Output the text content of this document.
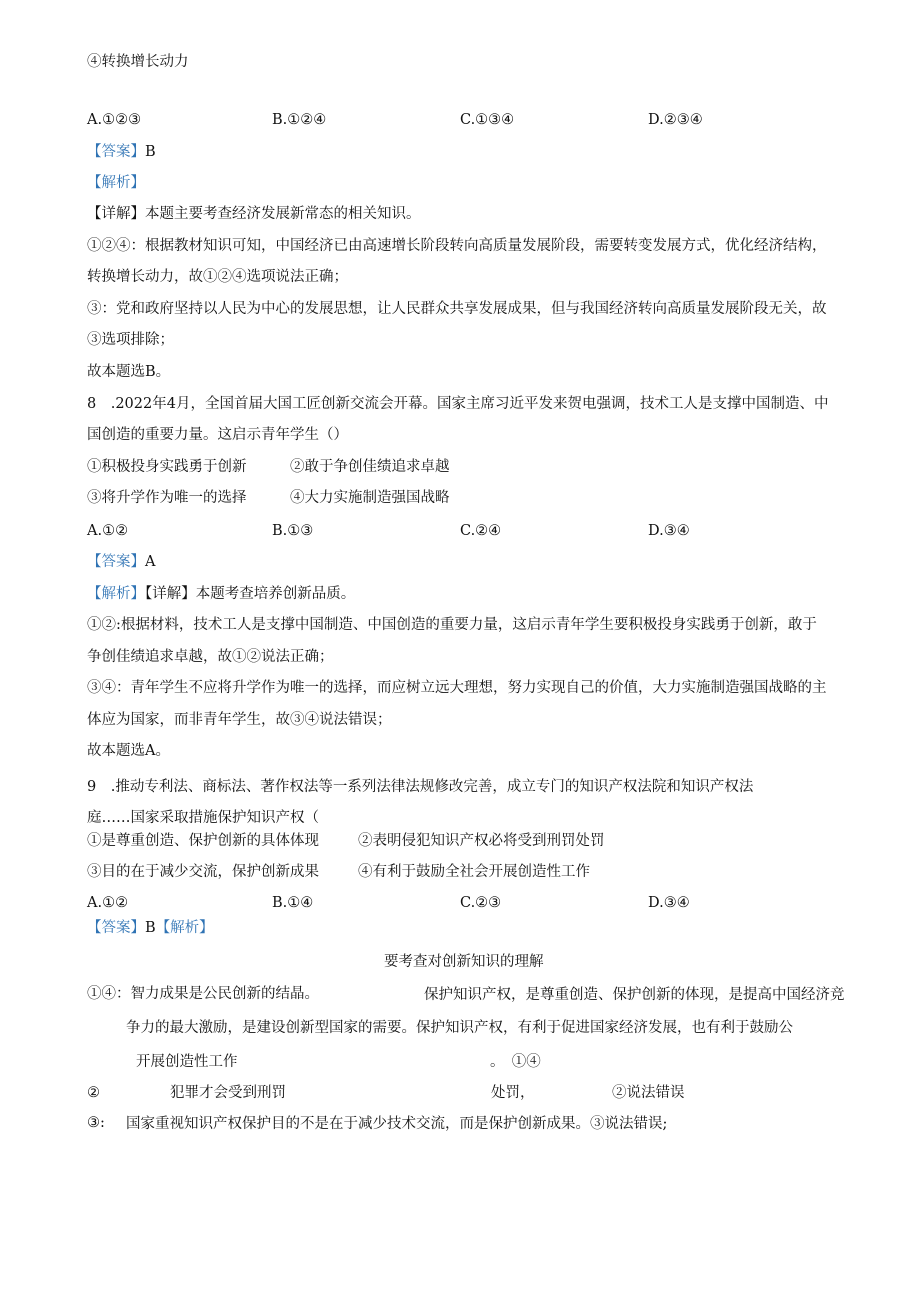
④转换增长动力
A.①②③	B.①②④	C.①③④	D.②③④
【答案】B
【解析】
【详解】本题主要考查经济发展新常态的相关知识。
①②④：根据教材知识可知，中国经济已由高速增长阶段转向高质量发展阶段，需要转变发展方式，优化经济结构，
转换增长动力，故①②④选项说法正确；
③：党和政府坚持以人民为中心的发展思想，让人民群众共享发展成果，但与我国经济转向高质量发展阶段无关，故
③选项排除；
故本题选B。
8　.2022年4月，全国首届大国工匠创新交流会开幕。国家主席习近平发来贺电强调，技术工人是支撑中国制造、中
国创造的重要力量。这启示青年学生（）
①积极投身实践勇于创新	②敢于争创佳绩追求卓越
③将升学作为唯一的选择	④大力实施制造强国战略
A.①②	B.①③	C.②④	D.③④
【答案】A
【解析】【详解】本题考查培养创新品质。
①②:根据材料，技术工人是支撑中国制造、中国创造的重要力量，这启示青年学生要积极投身实践勇于创新，敢于
争创佳绩追求卓越，故①②说法正确；
③④：青年学生不应将升学作为唯一的选择，而应树立远大理想，努力实现自己的价值，大力实施制造强国战略的主
体应为国家，而非青年学生，故③④说法错误；
故本题选A。
9　.推动专利法、商标法、著作权法等一系列法律法规修改完善，成立专门的知识产权法院和知识产权法
庭……国家采取措施保护知识产权（
①是尊重创造、保护创新的具体体现	②表明侵犯知识产权必将受到刑罚处罚
③目的在于减少交流，保护创新成果	④有利于鼓励全社会开展创造性工作
A.①②	B.①④	C.②③	D.③④
【答案】B【解析】
要考查对创新知识的理解
①④：智力成果是公民创新的结晶。	保护知识产权，是尊重创造、保护创新的体现，是提高中国经济竞
争力的最大激励，是建设创新型国家的需要。保护知识产权，有利于促进国家经济发展，也有利于鼓励公
开展创造性工作	。　①④
②	犯罪才会受到刑罚	处罚，	②说法错误
③: 国家重视知识产权保护目的不是在于减少技术交流，而是保护创新成果。③说法错误;
